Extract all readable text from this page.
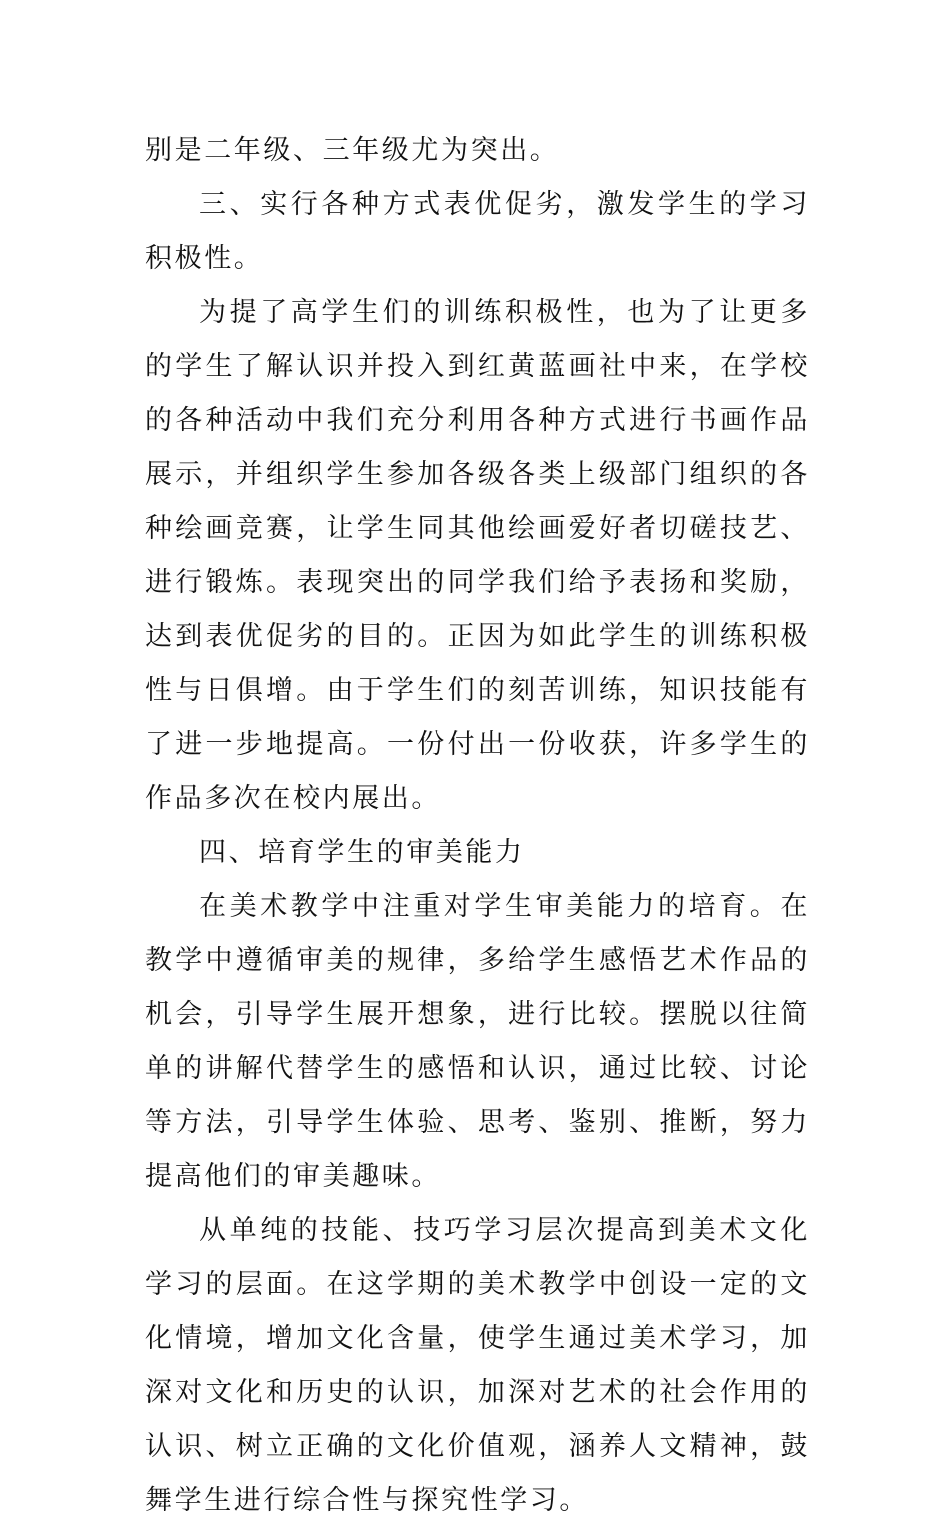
别是二年级、三年级尤为突出。

三、实行各种方式表优促劣，激发学生的学习积极性。

为提了高学生们的训练积极性，也为了让更多的学生了解认识并投入到红黄蓝画社中来，在学校的各种活动中我们充分利用各种方式进行书画作品展示，并组织学生参加各级各类上级部门组织的各种绘画竞赛，让学生同其他绘画爱好者切磋技艺、进行锻炼。表现突出的同学我们给予表扬和奖励，达到表优促劣的目的。正因为如此学生的训练积极性与日俱增。由于学生们的刻苦训练，知识技能有了进一步地提高。一份付出一份收获，许多学生的作品多次在校内展出。

四、培育学生的审美能力

在美术教学中注重对学生审美能力的培育。在教学中遵循审美的规律，多给学生感悟艺术作品的机会，引导学生展开想象，进行比较。摆脱以往简单的讲解代替学生的感悟和认识，通过比较、讨论等方法，引导学生体验、思考、鉴别、推断，努力提高他们的审美趣味。

从单纯的技能、技巧学习层次提高到美术文化学习的层面。在这学期的美术教学中创设一定的文化情境，增加文化含量，使学生通过美术学习，加深对文化和历史的认识，加深对艺术的社会作用的认识、树立正确的文化价值观，涵养人文精神，鼓舞学生进行综合性与探究性学习。
